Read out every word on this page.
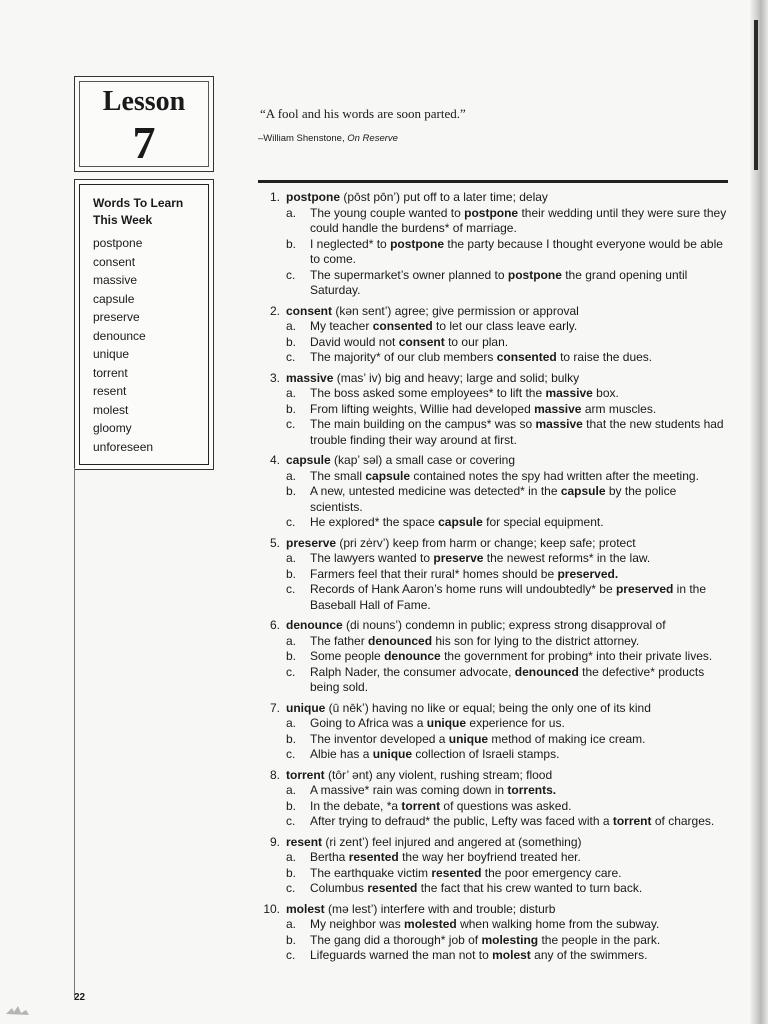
Lesson
7
“A fool and his words are soon parted.”
–William Shenstone, On Reserve
Words To Learn This Week
postpone
consent
massive
capsule
preserve
denounce
unique
torrent
resent
molest
gloomy
unforeseen
1. postpone (pōst pōn’) put off to a later time; delay
a.	The young couple wanted to postpone their wedding until they were sure they could handle the burdens* of marriage.
b.	I neglected* to postpone the party because I thought everyone would be able to come.
c.	The supermarket’s owner planned to postpone the grand opening until Saturday.
2. consent (kən sent’) agree; give permission or approval
a.	My teacher consented to let our class leave early.
b.	David would not consent to our plan.
c.	The majority* of our club members consented to raise the dues.
3. massive (mas’ iv) big and heavy; large and solid; bulky
a.	The boss asked some employees* to lift the massive box.
b.	From lifting weights, Willie had developed massive arm muscles.
c.	The main building on the campus* was so massive that the new students had trouble finding their way around at first.
4. capsule (kap’ səl) a small case or covering
a.	The small capsule contained notes the spy had written after the meeting.
b.	A new, untested medicine was detected* in the capsule by the police scientists.
c.	He explored* the space capsule for special equipment.
5. preserve (pri zėrv’) keep from harm or change; keep safe; protect
a.	The lawyers wanted to preserve the newest reforms* in the law.
b.	Farmers feel that their rural* homes should be preserved.
c.	Records of Hank Aaron’s home runs will undoubtedly* be preserved in the Baseball Hall of Fame.
6. denounce (di nouns’) condemn in public; express strong disapproval of
a.	The father denounced his son for lying to the district attorney.
b.	Some people denounce the government for probing* into their private lives.
c.	Ralph Nader, the consumer advocate, denounced the defective* products being sold.
7. unique (ū nēk’) having no like or equal; being the only one of its kind
a.	Going to Africa was a unique experience for us.
b.	The inventor developed a unique method of making ice cream.
c.	Albie has a unique collection of Israeli stamps.
8. torrent (tôr’ ənt) any violent, rushing stream; flood
a.	A massive* rain was coming down in torrents.
b.	In the debate, *a torrent of questions was asked.
c.	After trying to defraud* the public, Lefty was faced with a torrent of charges.
9. resent (ri zent’) feel injured and angered at (something)
a.	Bertha resented the way her boyfriend treated her.
b.	The earthquake victim resented the poor emergency care.
c.	Columbus resented the fact that his crew wanted to turn back.
10. molest (mə lest’) interfere with and trouble; disturb
a.	My neighbor was molested when walking home from the subway.
b.	The gang did a thorough* job of molesting the people in the park.
c.	Lifeguards warned the man not to molest any of the swimmers.
22
